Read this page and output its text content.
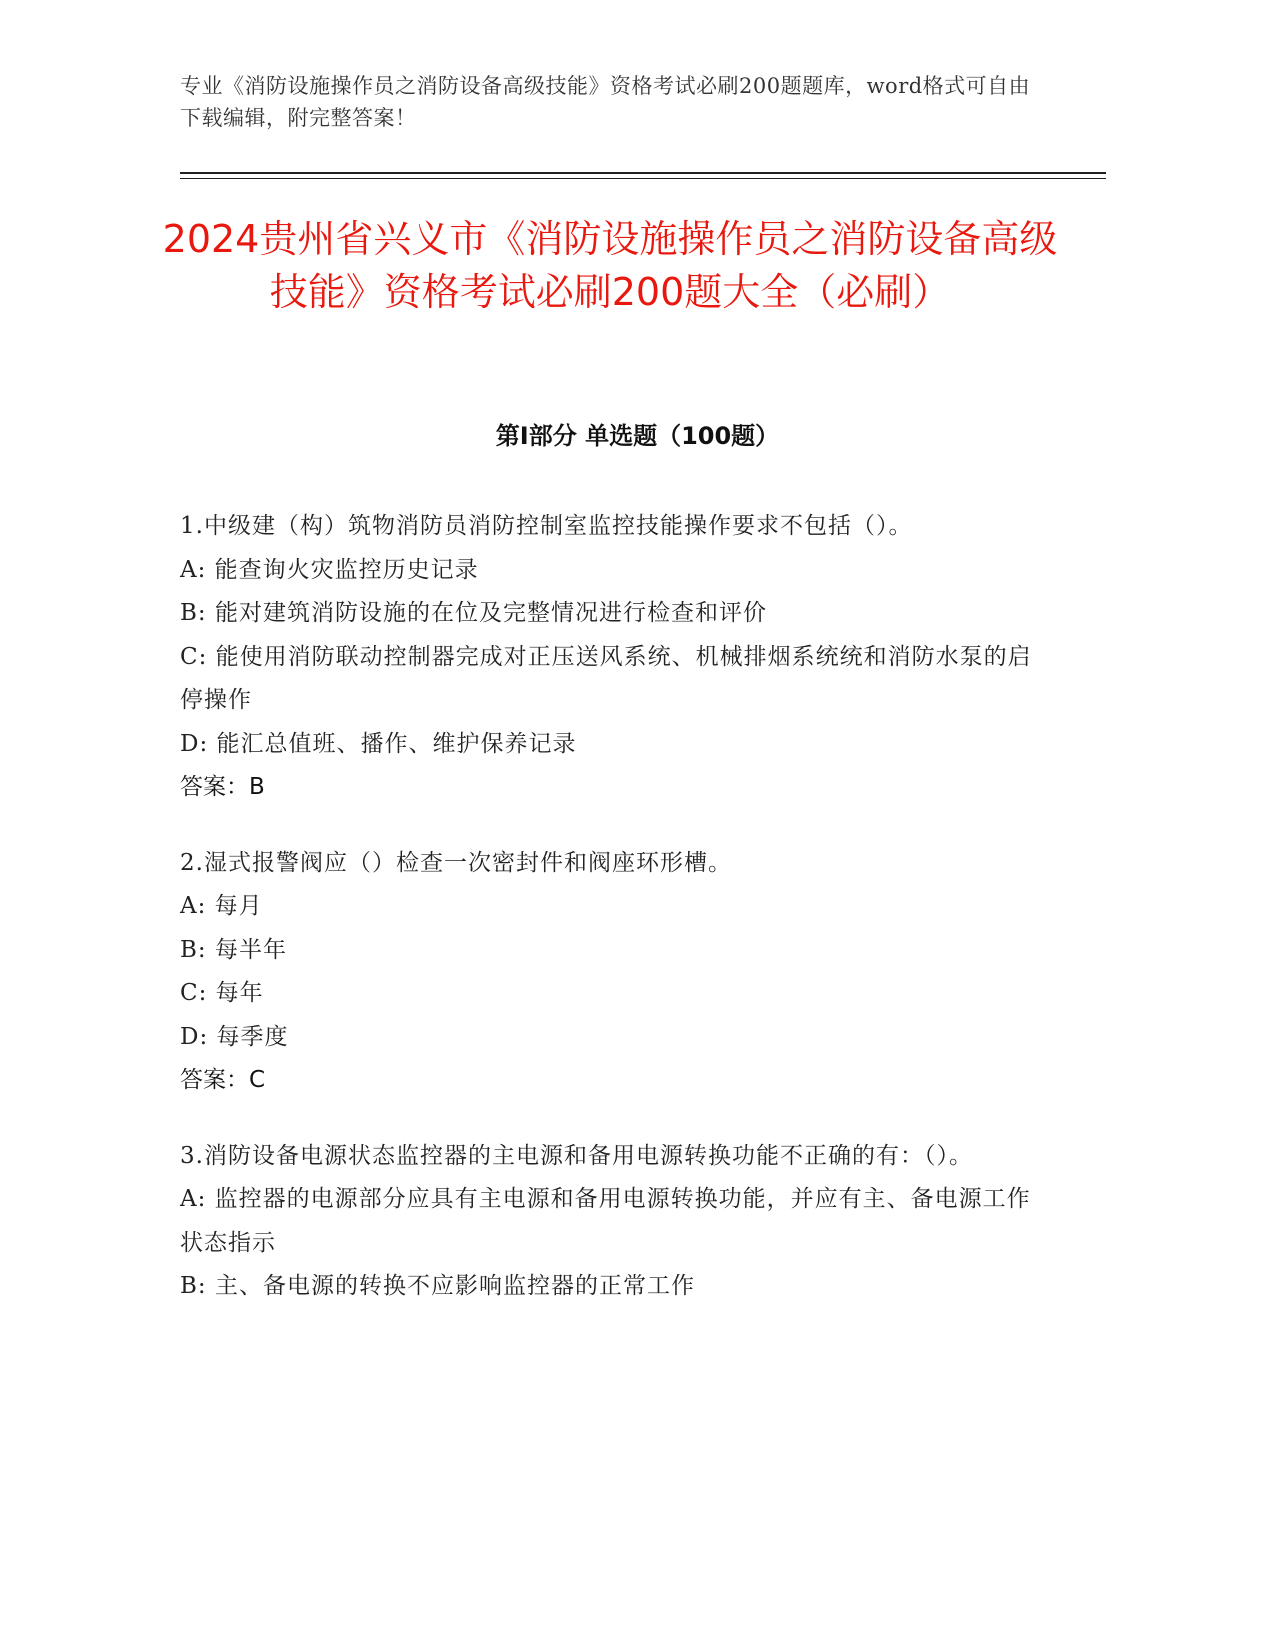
专业《消防设施操作员之消防设备高级技能》资格考试必刷200题题库，word格式可自由下载编辑，附完整答案！
2024贵州省兴义市《消防设施操作员之消防设备高级技能》资格考试必刷200题大全（必刷）
第Ⅰ部分 单选题（100题）
1.中级建（构）筑物消防员消防控制室监控技能操作要求不包括（）。
A: 能查询火灾监控历史记录
B: 能对建筑消防设施的在位及完整情况进行检查和评价
C: 能使用消防联动控制器完成对正压送风系统、机械排烟系统统和消防水泵的启停操作
D: 能汇总值班、播作、维护保养记录
答案：B
2.湿式报警阀应（）检查一次密封件和阀座环形槽。
A: 每月
B: 每半年
C: 每年
D: 每季度
答案：C
3.消防设备电源状态监控器的主电源和备用电源转换功能不正确的有：（）。
A: 监控器的电源部分应具有主电源和备用电源转换功能，并应有主、备电源工作状态指示
B: 主、备电源的转换不应影响监控器的正常工作
